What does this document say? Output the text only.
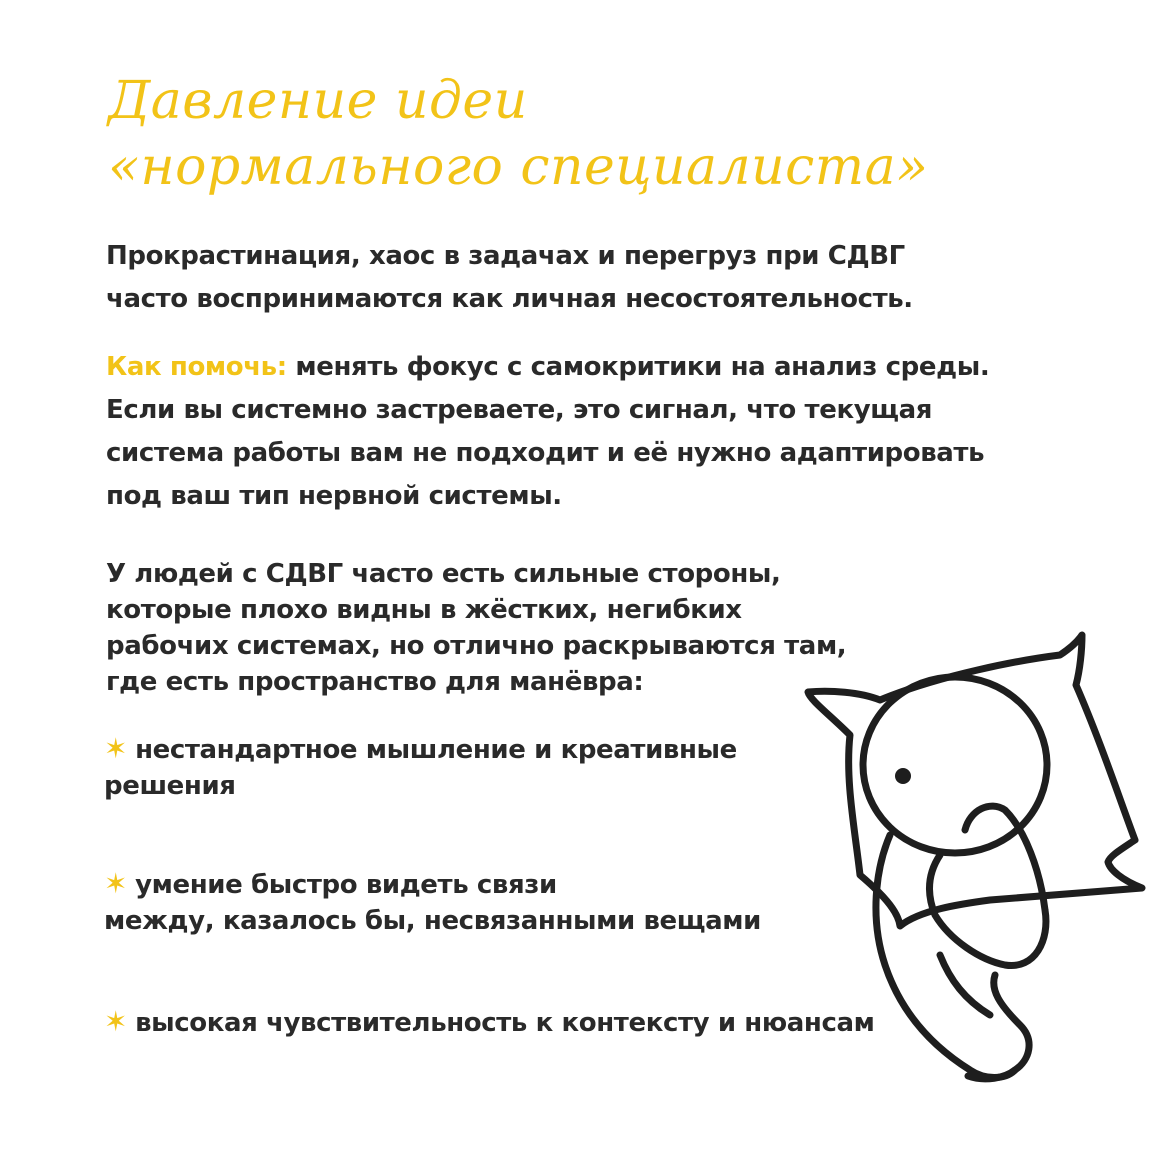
Давление идеи
«нормального специалиста»

Прокрастинация, хаос в задачах и перегруз при СДВГ
часто воспринимаются как личная несостоятельность.

Как помочь: менять фокус с самокритики на анализ среды.
Если вы системно застреваете, это сигнал, что текущая
система работы вам не подходит и её нужно адаптировать
под ваш тип нервной системы.

У людей с СДВГ часто есть сильные стороны,
которые плохо видны в жёстких, негибких
рабочих системах, но отлично раскрываются там,
где есть пространство для манёвра:

✶ нестандартное мышление и креативные
решения

✶ умение быстро видеть связи
между, казалось бы, несвязанными вещами

✶ высокая чувствительность к контексту и нюансам
